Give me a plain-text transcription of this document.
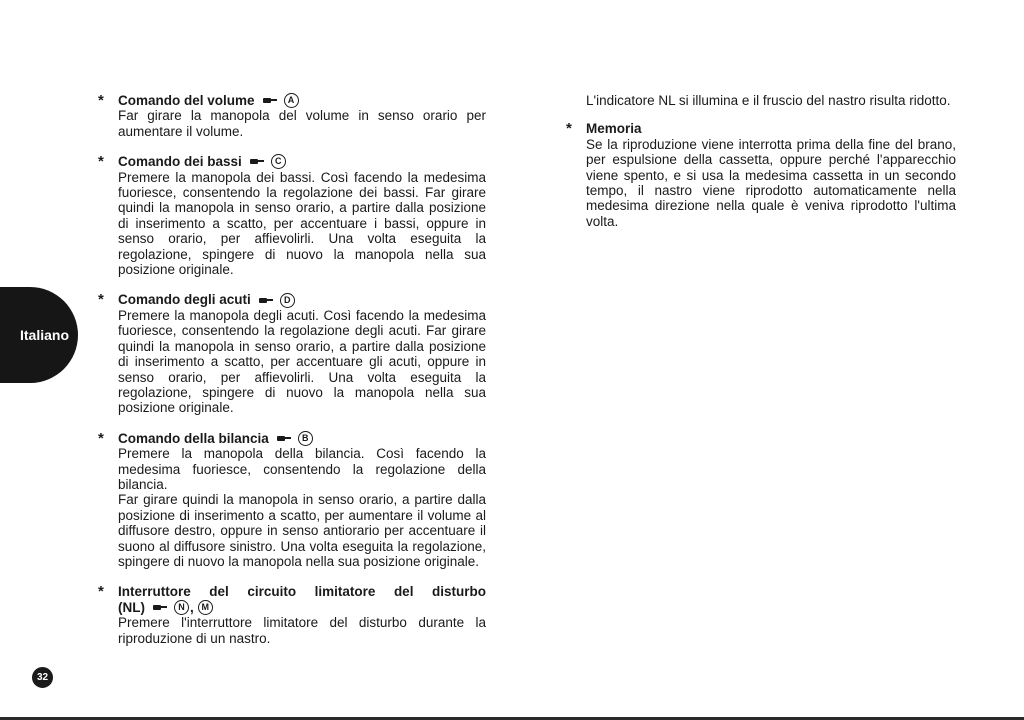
Italiano
* Comando del volume	A

Far girare la manopola del volume in senso orario per aumentare il volume.

* Comando dei bassi	C

Premere la manopola dei bassi. Così facendo la medesima fuoriesce, consentendo la regolazione dei bassi. Far girare quindi la manopola in senso orario, a partire dalla posizione di inserimento a scatto, per accentuare i bassi, oppure in senso orario, per affievolirli. Una volta eseguita la regolazione, spingere di nuovo la manopola nella sua posizione originale.

* Comando degli acuti	D

Premere la manopola degli acuti. Così facendo la medesima fuoriesce, consentendo la regolazione degli acuti. Far girare quindi la manopola in senso orario, a partire dalla posizione di inserimento a scatto, per accentuare gli acuti, oppure in senso orario, per affievolirli. Una volta eseguita la regolazione, spingere di nuovo la manopola nella sua posizione originale.

* Comando della bilancia	B

Premere la manopola della bilancia. Così facendo la medesima fuoriesce, consentendo la regolazione della bilancia.

Far girare quindi la manopola in senso orario, a partire dalla posizione di inserimento a scatto, per aumentare il volume al diffusore destro, oppure in senso antiorario per accentuare il suono al diffusore sinistro. Una volta eseguita la regolazione, spingere di nuovo la manopola nella sua posizione originale.

* Interruttore del circuito limitatore del disturbo
(NL)	N , M

Premere l'interruttore limitatore del disturbo durante la riproduzione di un nastro.

L'indicatore NL si illumina e il fruscio del nastro risulta ridotto.

* Memoria

Se la riproduzione viene interrotta prima della fine del brano, per espulsione della cassetta, oppure perché l'apparecchio viene spento, e si usa la medesima cassetta in un secondo tempo, il nastro viene riprodotto automaticamente nella medesima direzione nella quale è veniva riprodotto l'ultima volta.

32
